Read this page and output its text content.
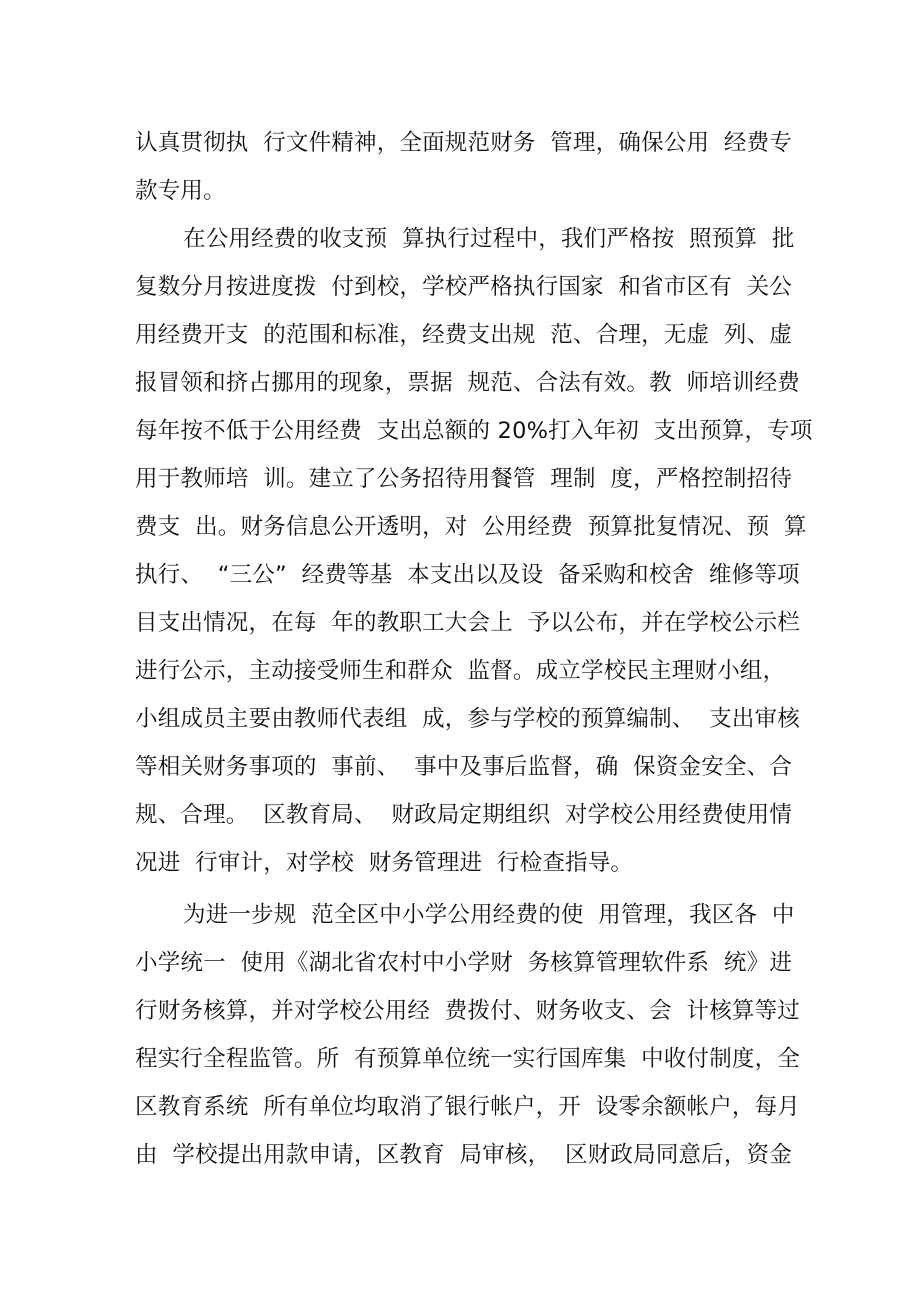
认真贯彻执  行文件精神，全面规范财务  管理，确保公用  经费专
款专用。
在公用经费的收支预  算执行过程中，我们严格按  照预算  批
复数分月按进度拨  付到校，学校严格执行国家  和省市区有  关公
用经费开支  的范围和标准，经费支出规  范、合理，无虚  列、虚
报冒领和挤占挪用的现象，票据  规范、合法有效。教  师培训经费
每年按不低于公用经费  支出总额的 20%打入年初  支出预算，专项
用于教师培  训。建立了公务招待用餐管  理制  度，严格控制招待
费支  出。财务信息公开透明，对  公用经费  预算批复情况、预  算
执行、  “三公”  经费等基  本支出以及设  备采购和校舍  维修等项
目支出情况，在每  年的教职工大会上  予以公布，并在学校公示栏
进行公示，主动接受师生和群众  监督。成立学校民主理财小组，
小组成员主要由教师代表组  成，参与学校的预算编制、  支出审核
等相关财务事项的  事前、  事中及事后监督，确  保资金安全、合
规、合理。  区教育局、  财政局定期组织  对学校公用经费使用情
况进  行审计，对学校  财务管理进  行检查指导。
为进一步规  范全区中小学公用经费的使  用管理，我区各  中
小学统一  使用《湖北省农村中小学财  务核算管理软件系  统》进
行财务核算，并对学校公用经  费拨付、财务收支、会  计核算等过
程实行全程监管。所  有预算单位统一实行国库集  中收付制度，全
区教育系统  所有单位均取消了银行帐户，开  设零余额帐户，每月
由  学校提出用款申请，区教育  局审核，  区财政局同意后，资金
